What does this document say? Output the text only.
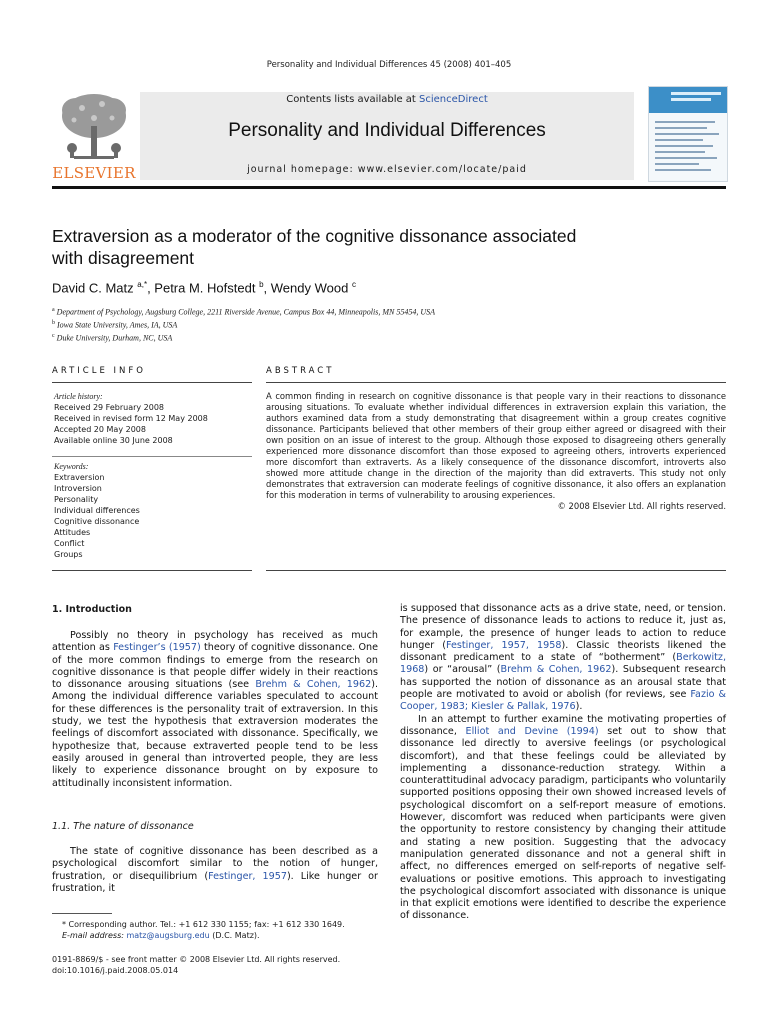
Personality and Individual Differences 45 (2008) 401–405
ELSEVIER
Contents lists available at ScienceDirect
Personality and Individual Differences
journal homepage: www.elsevier.com/locate/paid
Extraversion as a moderator of the cognitive dissonance associated with disagreement
David C. Matz $^{a,*}$, Petra M. Hofstedt $^b$, Wendy Wood $^c$
$^a$ Department of Psychology, Augsburg College, 2211 Riverside Avenue, Campus Box 44, Minneapolis, MN 55454, USA
$^b$ Iowa State University, Ames, IA, USA
$^c$ Duke University, Durham, NC, USA
ARTICLE INFO	ABSTRACT
Article history:
Received 29 February 2008
Received in revised form 12 May 2008
Accepted 20 May 2008
Available online 30 June 2008
Keywords:
Extraversion
Introversion
Personality
Individual differences
Cognitive dissonance
Attitudes
Conflict
Groups
A common finding in research on cognitive dissonance is that people vary in their reactions to dissonance arousing situations. To evaluate whether individual differences in extraversion explain this variation, the authors examined data from a study demonstrating that disagreement within a group creates cognitive dissonance. Participants believed that other members of their group either agreed or disagreed with their own position on an issue of interest to the group. Although those exposed to disagreeing others generally experienced more dissonance discomfort than those exposed to agreeing others, introverts experienced more discomfort than extraverts. As a likely consequence of the dissonance discomfort, introverts also showed more attitude change in the direction of the majority than did extraverts. This study not only demonstrates that extraversion can moderate feelings of cognitive dissonance, it also offers an explanation for this moderation in terms of vulnerability to arousing experiences.
© 2008 Elsevier Ltd. All rights reserved.
1. Introduction

Possibly no theory in psychology has received as much attention as Festinger’s (1957) theory of cognitive dissonance. One of the more common findings to emerge from the research on cognitive dissonance is that people differ widely in their reactions to dissonance arousing situations (see Brehm & Cohen, 1962). Among the individual difference variables speculated to account for these differences is the personality trait of extraversion. In this study, we test the hypothesis that extraversion moderates the feelings of discomfort associated with dissonance. Specifically, we hypothesize that, because extraverted people tend to be less easily aroused in general than introverted people, they are less likely to experience dissonance brought on by exposure to attitudinally inconsistent information.

1.1. The nature of dissonance

The state of cognitive dissonance has been described as a psychological discomfort similar to the notion of hunger, frustration, or disequilibrium (Festinger, 1957). Like hunger or frustration, it

is supposed that dissonance acts as a drive state, need, or tension. The presence of dissonance leads to actions to reduce it, just as, for example, the presence of hunger leads to action to reduce hunger (Festinger, 1957, 1958). Classic theorists likened the dissonant predicament to a state of “botherment” (Berkowitz, 1968) or “arousal” (Brehm & Cohen, 1962). Subsequent research has supported the notion of dissonance as an arousal state that people are motivated to avoid or abolish (for reviews, see Fazio & Cooper, 1983; Kiesler & Pallak, 1976).

In an attempt to further examine the motivating properties of dissonance, Elliot and Devine (1994) set out to show that dissonance led directly to aversive feelings (or psychological discomfort), and that these feelings could be alleviated by implementing a dissonance-reduction strategy. Within a counterattitudinal advocacy paradigm, participants who voluntarily supported positions opposing their own showed increased levels of psychological discomfort on a self-report measure of emotions. However, discomfort was reduced when participants were given the opportunity to restore consistency by changing their attitude and stating a new position. Suggesting that the advocacy manipulation generated dissonance and not a general shift in affect, no differences emerged on self-reports of negative self-evaluations or positive emotions. This approach to investigating the psychological discomfort associated with dissonance is unique in that explicit emotions were identified to describe the experience of dissonance.

* Corresponding author. Tel.: +1 612 330 1155; fax: +1 612 330 1649.
E-mail address: matz@augsburg.edu (D.C. Matz).
0191-8869/$ - see front matter © 2008 Elsevier Ltd. All rights reserved.
doi:10.1016/j.paid.2008.05.014
